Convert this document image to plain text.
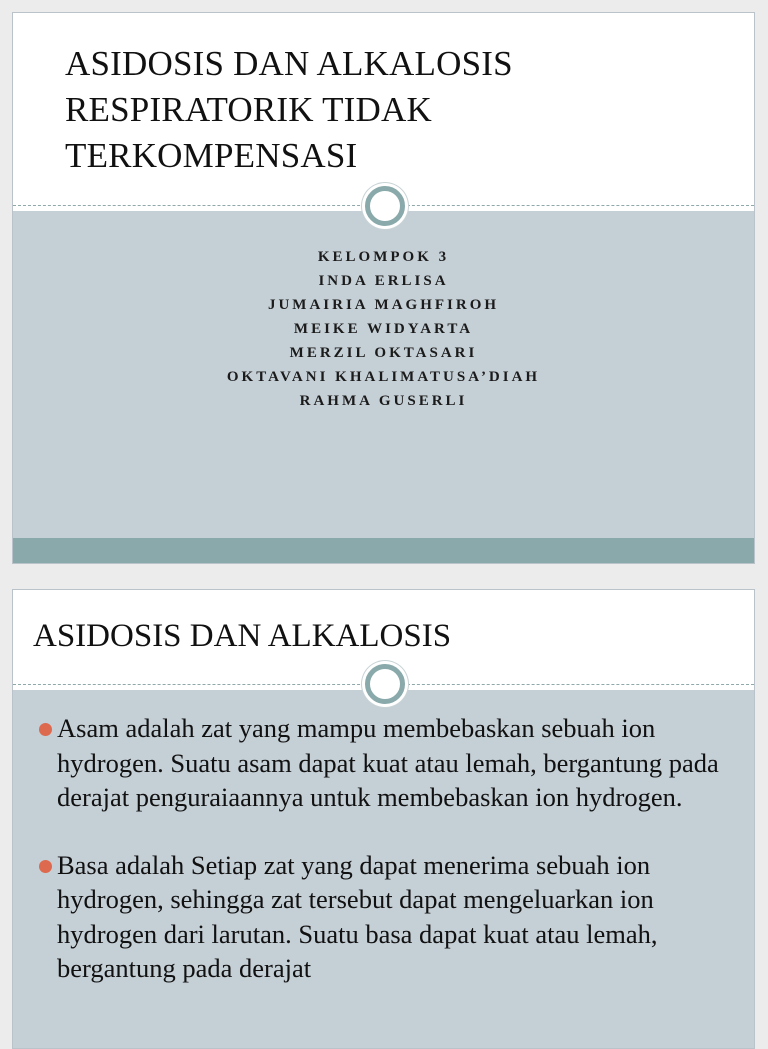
ASIDOSIS DAN ALKALOSIS
RESPIRATORIK TIDAK
TERKOMPENSASI
KELOMPOK 3
INDA ERLISA
JUMAIRIA MAGHFIROH
MEIKE WIDYARTA
MERZIL OKTASARI
OKTAVANI KHALIMATUSA’DIAH
RAHMA GUSERLI
ASIDOSIS DAN ALKALOSIS
Asam adalah zat yang mampu membebaskan sebuah ion hydrogen. Suatu asam dapat kuat atau lemah, bergantung pada derajat penguraiaannya untuk membebaskan ion hydrogen.
Basa adalah Setiap zat yang dapat menerima sebuah ion hydrogen, sehingga zat tersebut dapat mengeluarkan ion hydrogen dari larutan. Suatu basa dapat kuat atau lemah, bergantung pada derajat
